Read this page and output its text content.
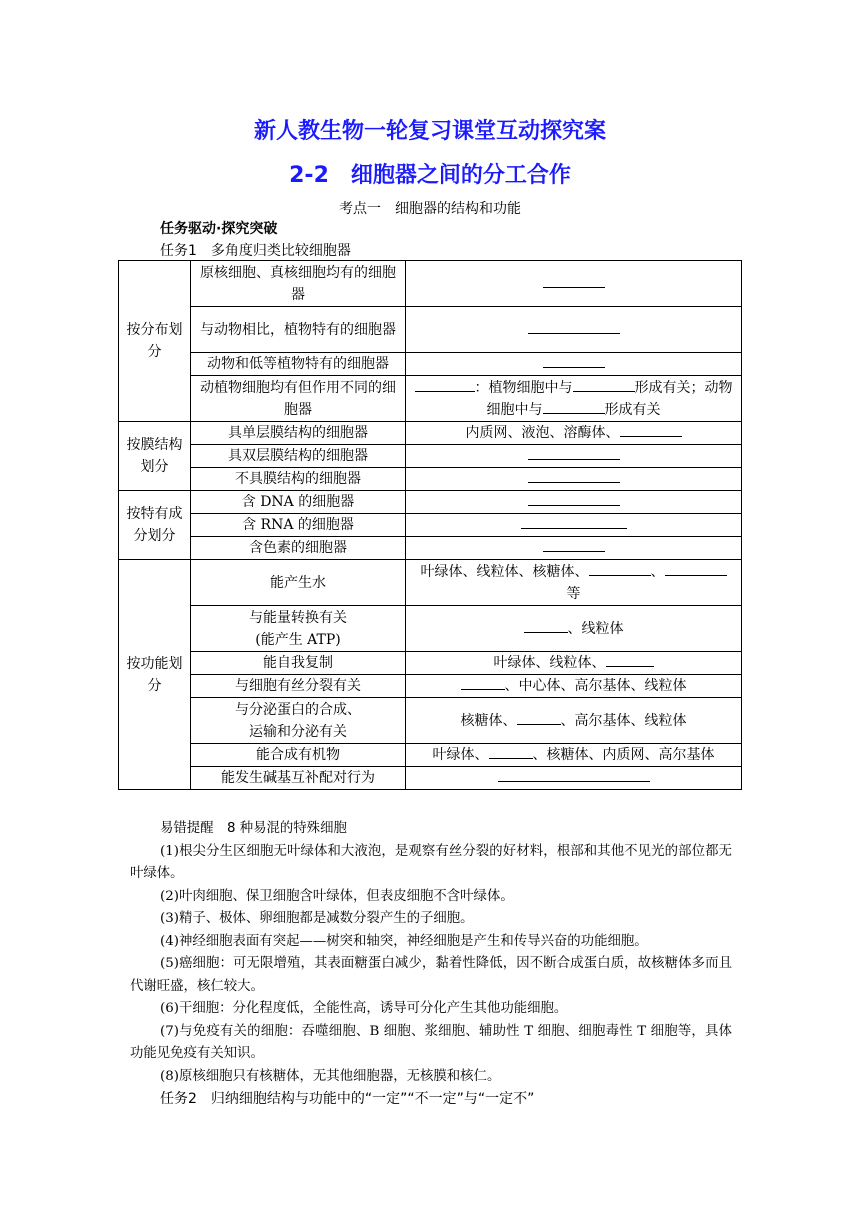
新人教生物一轮复习课堂互动探究案
2-2　细胞器之间的分工合作
考点一　细胞器的结构和功能
任务驱动·探究突破
任务1　多角度归类比较细胞器
按分布划分	原核细胞、真核细胞均有的细胞器	
	与动物相比，植物特有的细胞器	
	动物和低等植物特有的细胞器	
	动植物细胞均有但作用不同的细胞器	：植物细胞中与 形成有关；动物细胞中与 形成有关
按膜结构划分	具单层膜结构的细胞器	内质网、液泡、溶酶体、
	具双层膜结构的细胞器	
	不具膜结构的细胞器	
按特有成分划分	含 DNA 的细胞器	
	含 RNA 的细胞器	
	含色素的细胞器	
按功能划分	能产生水	叶绿体、线粒体、核糖体、 、
等
	与能量转换有关
(能产生 ATP)	、线粒体
	能自我复制	叶绿体、线粒体、
	与细胞有丝分裂有关	、中心体、高尔基体、线粒体
	与分泌蛋白的合成、
运输和分泌有关	核糖体、 、高尔基体、线粒体
	能合成有机物	叶绿体、 、核糖体、内质网、高尔基体
	能发生碱基互补配对行为	
易错提醒　8 种易混的特殊细胞

(1)根尖分生区细胞无叶绿体和大液泡，是观察有丝分裂的好材料，根部和其他不见光的部位都无叶绿体。

(2)叶肉细胞、保卫细胞含叶绿体，但表皮细胞不含叶绿体。

(3)精子、极体、卵细胞都是减数分裂产生的子细胞。

(4)神经细胞表面有突起——树突和轴突，神经细胞是产生和传导兴奋的功能细胞。

(5)癌细胞：可无限增殖，其表面糖蛋白减少，黏着性降低，因不断合成蛋白质，故核糖体多而且代谢旺盛，核仁较大。

(6)干细胞：分化程度低，全能性高，诱导可分化产生其他功能细胞。

(7)与免疫有关的细胞：吞噬细胞、B 细胞、浆细胞、辅助性 T 细胞、细胞毒性 T 细胞等，具体功能见免疫有关知识。

(8)原核细胞只有核糖体，无其他细胞器，无核膜和核仁。

任务2　归纳细胞结构与功能中的“一定”“不一定”与“一定不”
